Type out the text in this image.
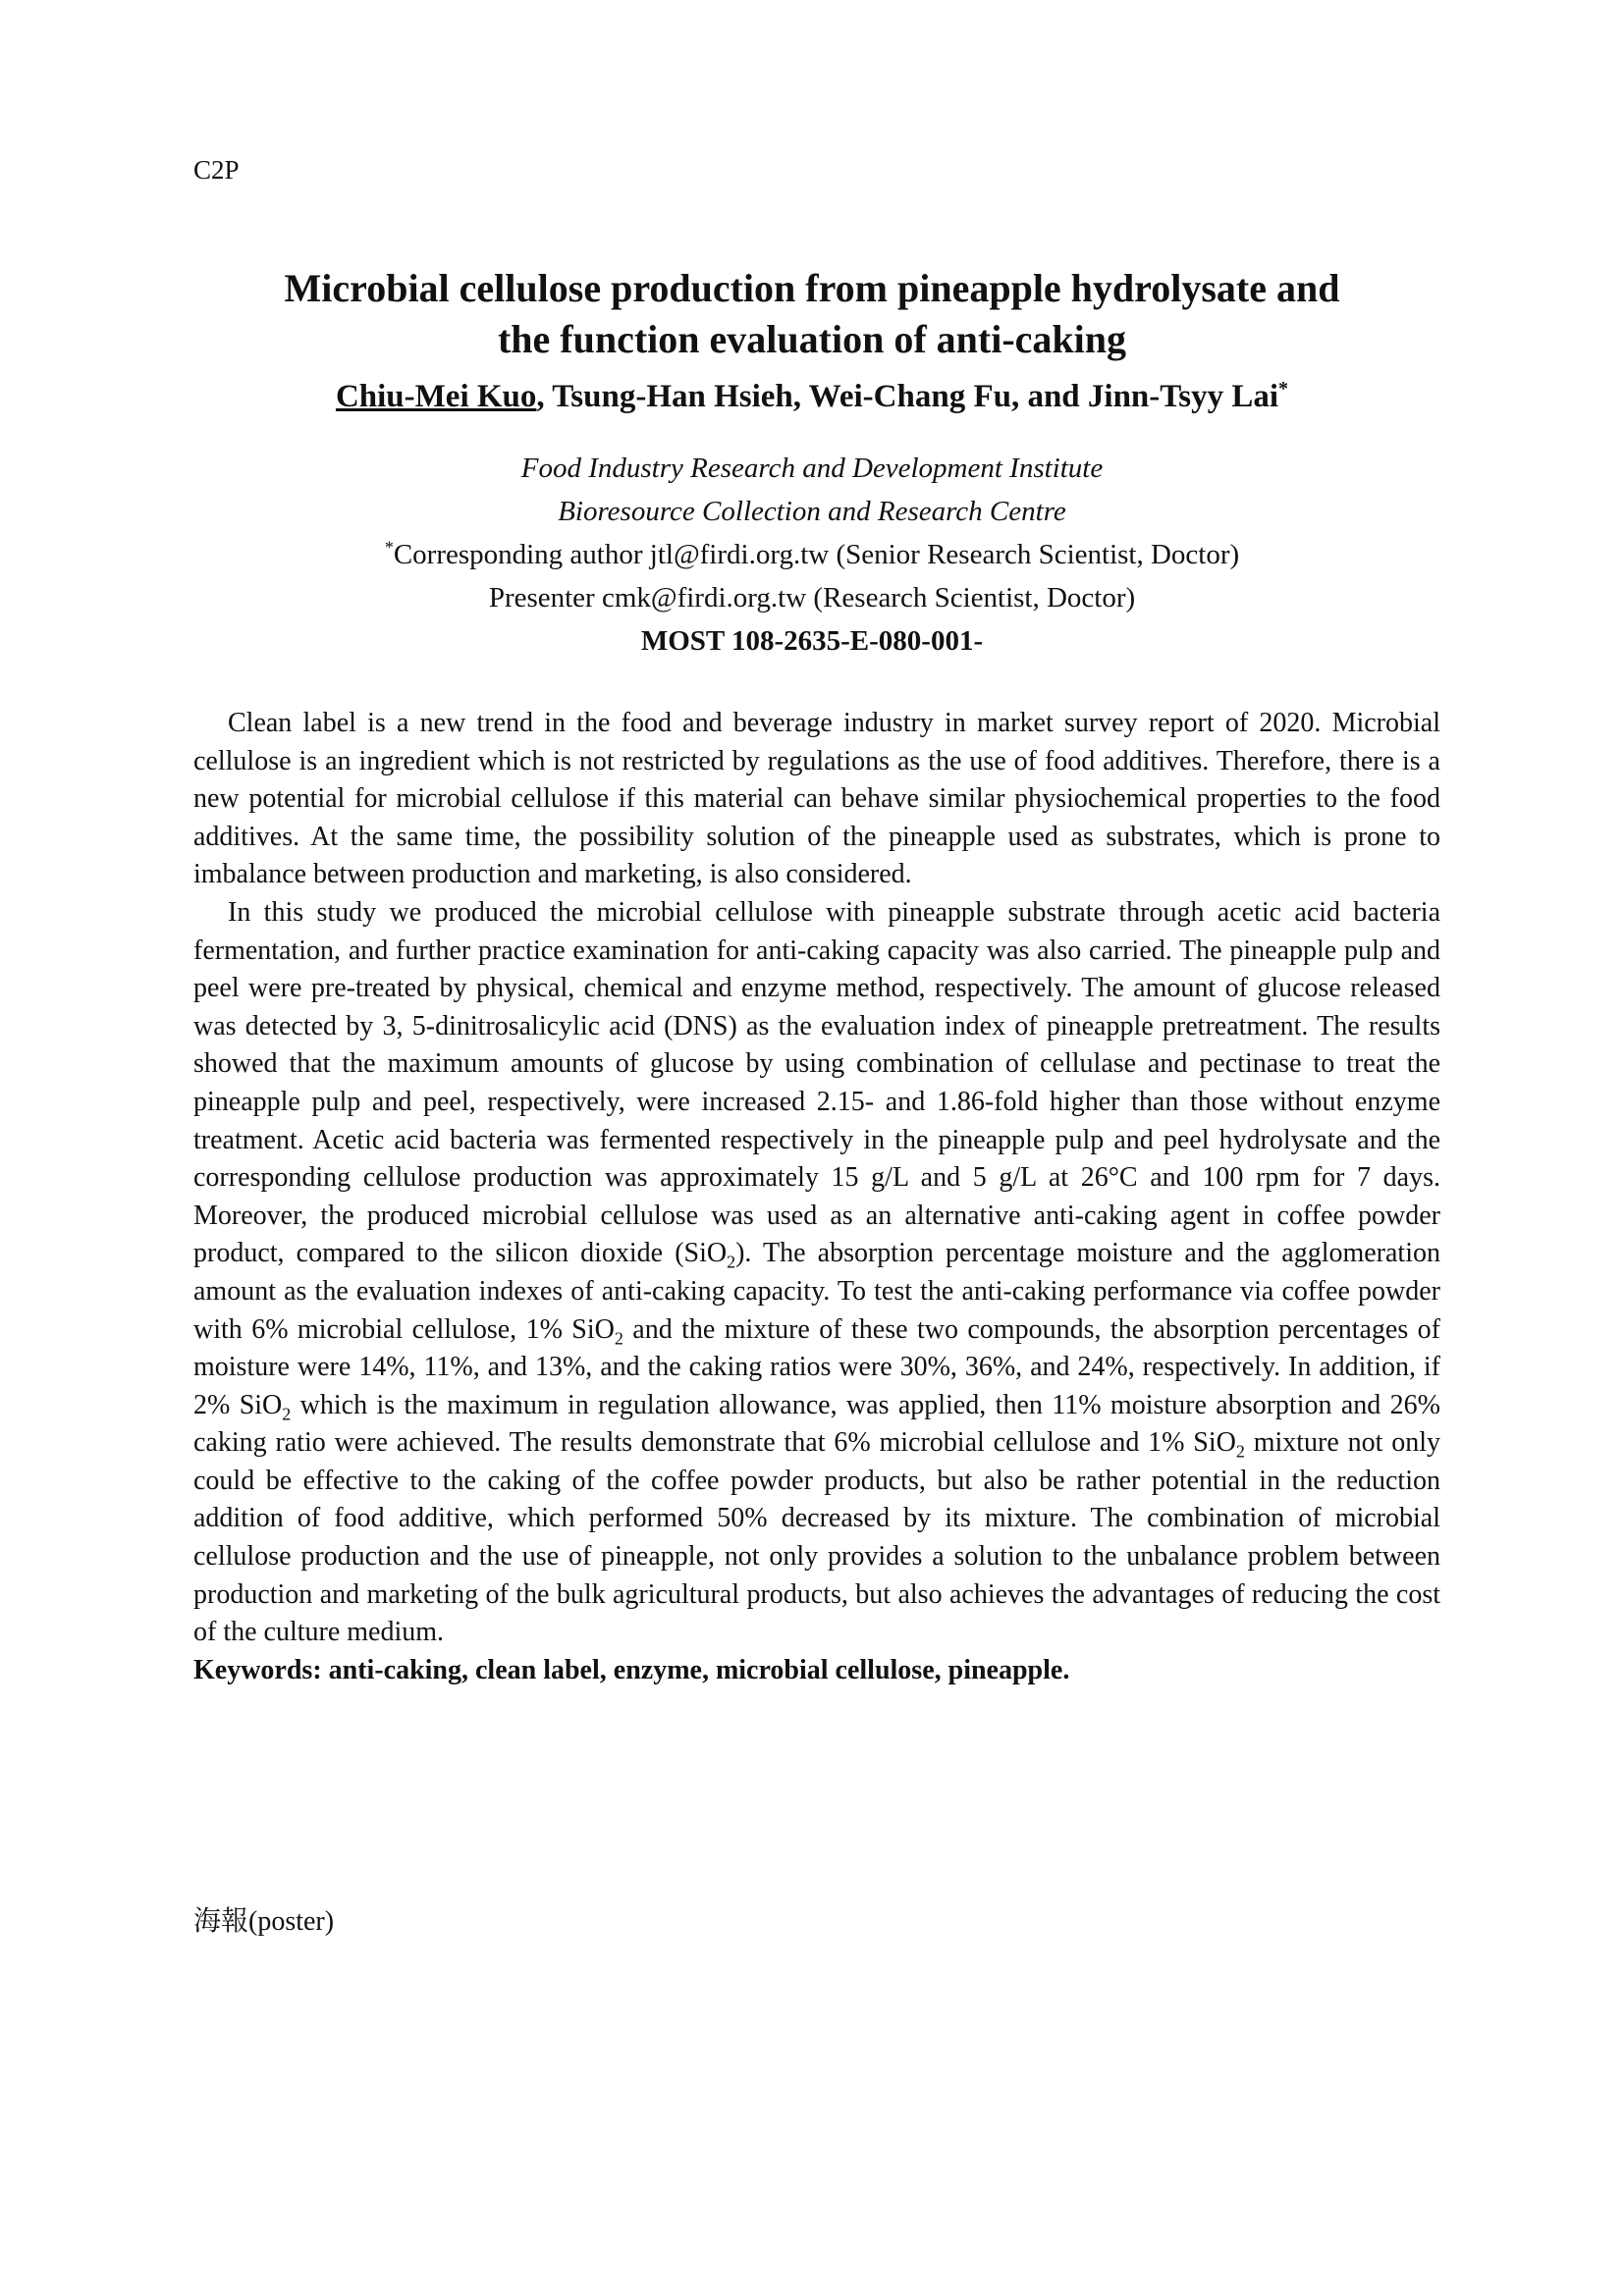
C2P
Microbial cellulose production from pineapple hydrolysate and
the function evaluation of anti-caking
Chiu-Mei Kuo, Tsung-Han Hsieh, Wei-Chang Fu, and Jinn-Tsyy Lai*
Food Industry Research and Development Institute
Bioresource Collection and Research Centre
*Corresponding author jtl@firdi.org.tw (Senior Research Scientist, Doctor)
Presenter cmk@firdi.org.tw (Research Scientist, Doctor)
MOST 108-2635-E-080-001-

Clean label is a new trend in the food and beverage industry in market survey report of 2020. Microbial cellulose is an ingredient which is not restricted by regulations as the use of food additives. Therefore, there is a new potential for microbial cellulose if this material can behave similar physiochemical properties to the food additives. At the same time, the possibility solution of the pineapple used as substrates, which is prone to imbalance between production and marketing, is also considered.

In this study we produced the microbial cellulose with pineapple substrate through acetic acid bacteria fermentation, and further practice examination for anti-caking capacity was also carried. The pineapple pulp and peel were pre-treated by physical, chemical and enzyme method, respectively. The amount of glucose released was detected by 3, 5-dinitrosalicylic acid (DNS) as the evaluation index of pineapple pretreatment. The results showed that the maximum amounts of glucose by using combination of cellulase and pectinase to treat the pineapple pulp and peel, respectively, were increased 2.15- and 1.86-fold higher than those without enzyme treatment. Acetic acid bacteria was fermented respectively in the pineapple pulp and peel hydrolysate and the corresponding cellulose production was approximately 15 g/L and 5 g/L at 26°C and 100 rpm for 7 days. Moreover, the produced microbial cellulose was used as an alternative anti-caking agent in coffee powder product, compared to the silicon dioxide (SiO$_2$). The absorption percentage moisture and the agglomeration amount as the evaluation indexes of anti-caking capacity. To test the anti-caking performance via coffee powder with 6% microbial cellulose, 1% SiO$_2$ and the mixture of these two compounds, the absorption percentages of moisture were 14%, 11%, and 13%, and the caking ratios were 30%, 36%, and 24%, respectively. In addition, if 2% SiO$_2$ which is the maximum in regulation allowance, was applied, then 11% moisture absorption and 26% caking ratio were achieved. The results demonstrate that 6% microbial cellulose and 1% SiO$_2$ mixture not only could be effective to the caking of the coffee powder products, but also be rather potential in the reduction addition of food additive, which performed 50% decreased by its mixture. The combination of microbial cellulose production and the use of pineapple, not only provides a solution to the unbalance problem between production and marketing of the bulk agricultural products, but also achieves the advantages of reducing the cost of the culture medium.

Keywords: anti-caking, clean label, enzyme, microbial cellulose, pineapple.

海報(poster)
